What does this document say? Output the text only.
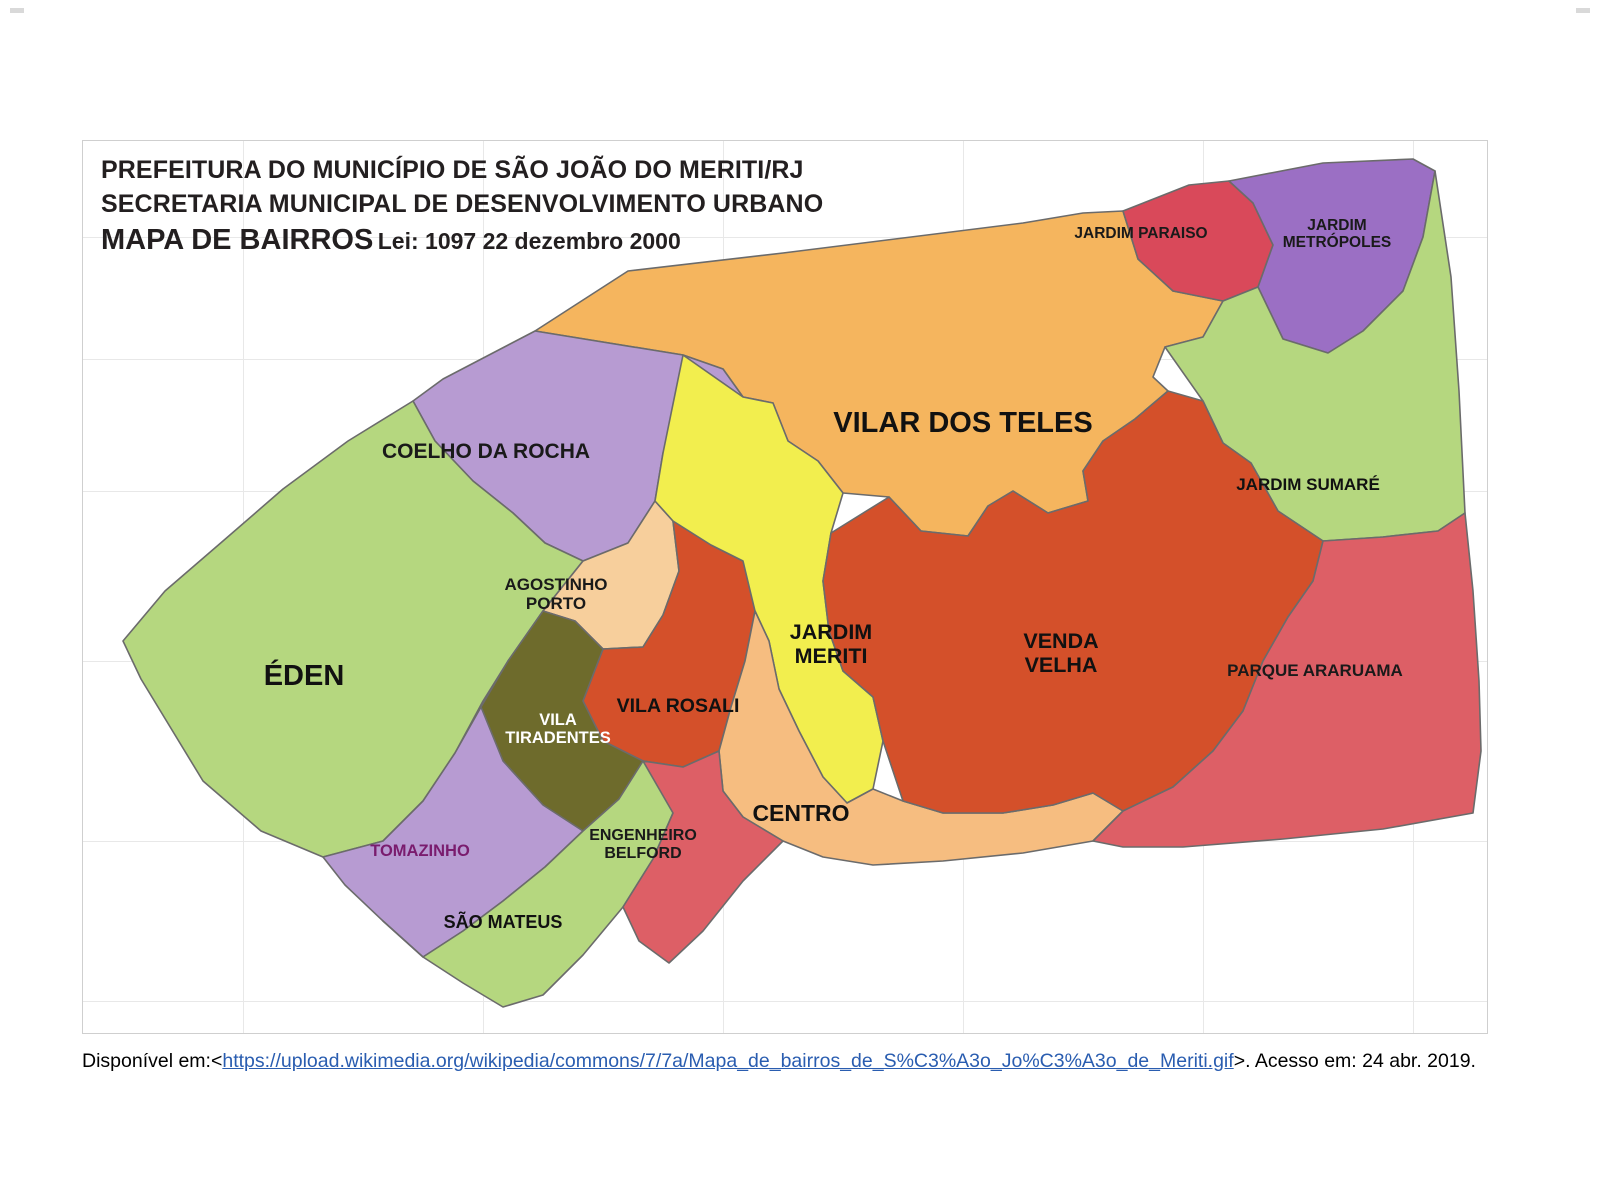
PREFEITURA DO MUNICÍPIO DE SÃO JOÃO DO MERITI/RJ
SECRETARIA MUNICIPAL DE DESENVOLVIMENTO URBANO
MAPA DE BAIRROS Lei: 1097 22 dezembro 2000	JARDIM PARAISO	JARDIM
METRÓPOLES
VILAR DOS TELES
JARDIM SUMARÉ
COELHO DA ROCHA
ÉDEN
AGOSTINHO
PORTO
VILA ROSALI
VILA
TIRADENTES
JARDIM
MERITI
VENDA
VELHA	PARQUE ARARUAMA
CENTRO
TOMAZINHO
SÃO MATEUS
ENGENHEIRO
BELFORD
Disponível em:<https://upload.wikimedia.org/wikipedia/commons/7/7a/Mapa_de_bairros_de_S%C3%A3o_Jo%C3%A3o_de_Meriti.gif>. Acesso em: 24 abr. 2019.
